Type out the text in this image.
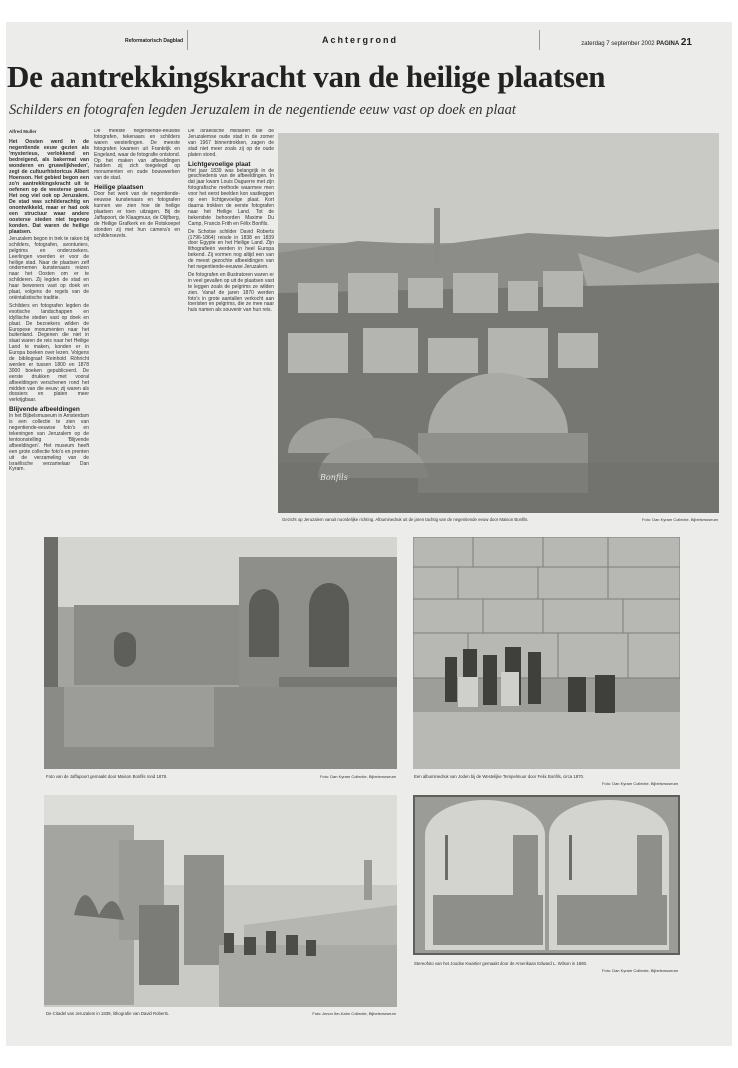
Reformatorisch Dagblad	Achtergrond	zaterdag 7 september 2002 PAGINA 21
De aantrekkingskracht van de heilige plaatsen
Schilders en fotografen legden Jeruzalem in de negentiende eeuw vast op doek en plaat
Alfred Muller

Het Oosten werd in de negentiende eeuw gezien als 'mysterieus, verlokkend en bedreigend, als bakermat van wonderen en gruwelijkheden', zegt de cultuurhistoricus Albert Hoenson. Het gebied begon een zo'n aantrekkingskracht uit te oefenen op de westerse geest. Het oog viel ook op Jeruzalem. De stad was schilderachtig en onontwikkeld, maar er had ook een structuur waar andere oosterse steden niet tegenop konden. Dat waren de heilige plaatsen.

Jeruzalem begon in trek te raken bij schilders, fotografen, avonturiers, pelgrims en onderzoekers. Leerlingen voerden er voor de heilige stad. Naar de plaatsen zelf ondernemen kunstenaars reizen naar het Oosten om er te schilderen. Zij legden de stad en haar bewoners vast op doek en plaat, volgens de regels van de oriëntalistische traditie.

Schilders en fotografen legden de exotische landschappen en idyllische steden vast op doek en plaat. De bezoekers wilden de Europese monumenten naar het buitenland. Degenen die niet in staat waren de reis naar het Heilige Land te maken, konden er in Europa boeken over lezen. Volgens de bibliograaf Reinhold Röhricht werden er tussen 1800 en 1878 3000 boeken gepubliceerd. De eerste drukken met vooral afbeeldingen verschenen rond het midden van die eeuw; zij waren als dossiers en platen meer verkrijgbaar.

Blijvende afbeeldingen

In het Bijbelsmuseum in Amsterdam is een collectie te zien van negentiende-eeuwse foto's en tekeningen van Jeruzalem op de tentoonstelling 'Blijvende afbeeldingen'. Het museum heeft een grote collectie foto's en prenten uit de verzameling van de Israëlische verzamelaar Dan Kyram.

De meeste negentiende-eeuwse fotografen, tekenaars en schilders waren westerlingen. De meeste fotografen kwamen uit Frankrijk en Engeland, waar de fotografie ontstond. Op het maken van afbeeldingen hadden zij zich toegelegd op monumenten en oude bouwwerken van de stad.

Heilige plaatsen

Door het werk van de negentiende-eeuwse kunstenaars en fotografen kunnen we zien hoe de heilige plaatsen er toen uitzagen. Bij de Jaffapoort, de Klaagmuur, de Olijfberg, de Heilige Grafkerk en de Rotskoepel stonden zij met hun camera's en schildersezels.

De Israëlische militairen die de Jeruzalemse oude stad in de zomer van 1967 binnentrokken, zagen de stad niet meer zoals zij op de oude platen stond.

Lichtgevoelige plaat

Het jaar 1839 was belangrijk in de geschiedenis van de afbeeldingen. In dat jaar kwam Louis Daguerre met zijn fotografische methode waarmee men voor het eerst beelden kon vastleggen op een lichtgevoelige plaat. Kort daarna trokken de eerste fotografen naar het Heilige Land. Tot de bekendste behoorden Maxime Du Camp, Francis Frith en Félix Bonfils.

De Schotse schilder David Roberts (1796-1864) reisde in 1838 en 1839 door Egypte en het Heilige Land. Zijn lithografieën werden in heel Europa bekend. Zij vormen nog altijd een van de meest gezochte afbeeldingen van het negentiende-eeuwse Jeruzalem.

De fotografen en illustratoren waren er in veel gevallen op uit de plaatsen vast te leggen zoals de pelgrims ze wilden zien. Vanaf de jaren 1870 werden foto's in grote aantallen verkocht aan toeristen en pelgrims, die ze mee naar huis namen als souvenir van hun reis.

Bonfils
Gezicht op Jeruzalem vanuit noordelijke richting. Albuminedruk uit de jaren tachtig van de negentiende eeuw door Maison Bonfils.	Foto: Dan Kyram Collectie, Bijbelsmuseum
Foto van de Jaffapoort gemaakt door Maison Bonfils rond 1878.	Foto: Dan Kyram Collectie, Bijbelsmuseum	Een albuminedruk van Joden bij de Westelijke Tempelmuur door Felix Bonfils, circa 1870.
Foto: Dan Kyram Collectie, Bijbelsmuseum
De Citadel van Jeruzalem in 1839, lithografie van David Roberts.	Foto: Amon Ibn-Kahn Collectie, Bijbelsmuseum
Stereofoto van het Joodse Kwartier gemaakt door de Amerikaan Edward L. Wilson in 1880.
Foto: Dan Kyram Collectie, Bijbelsmuseum
